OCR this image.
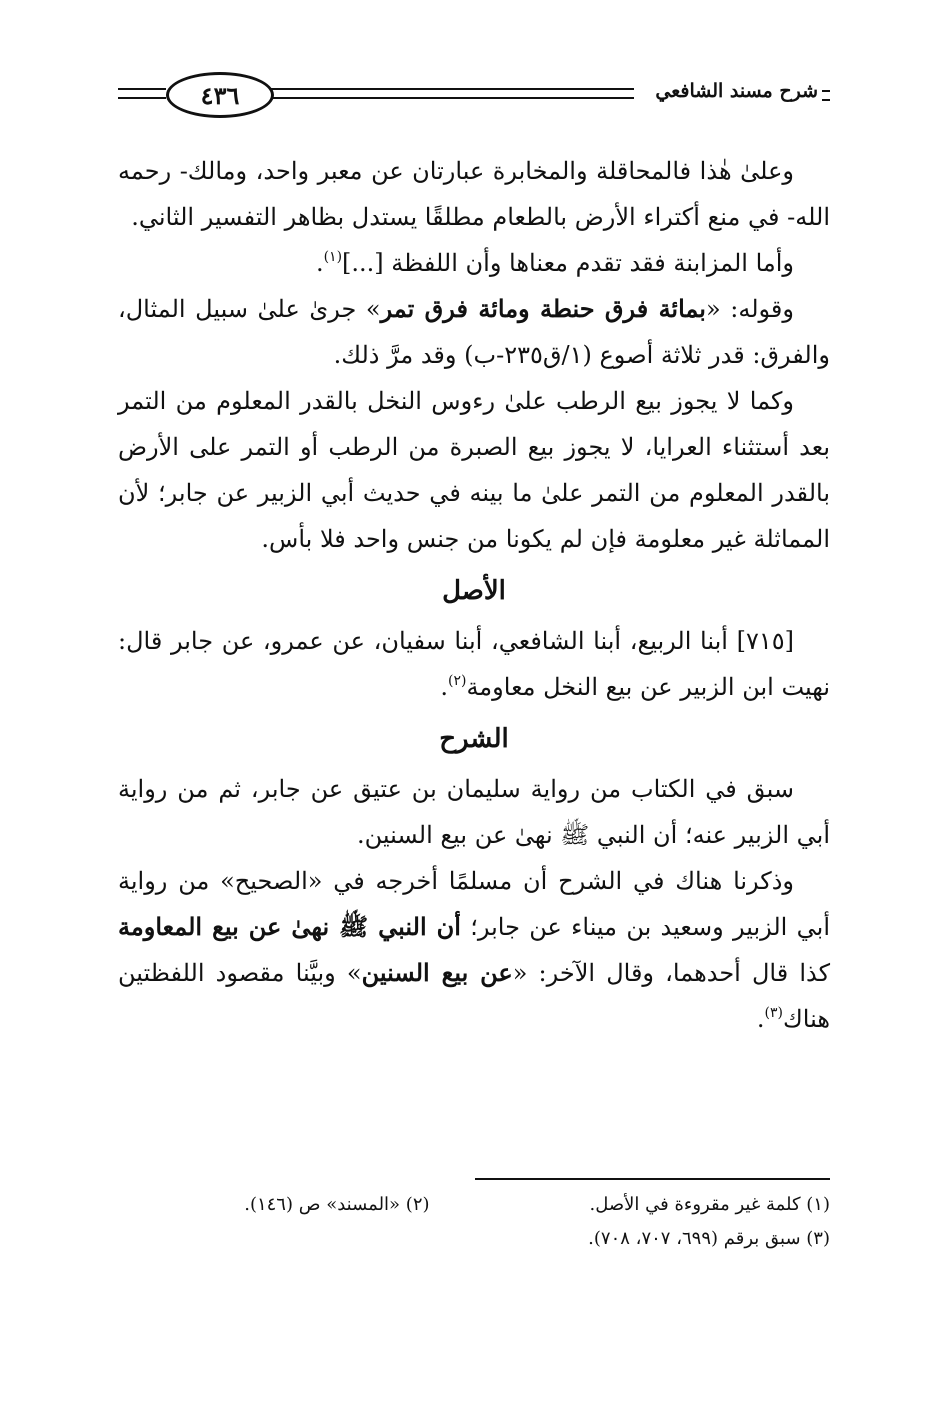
شرح مسند الشافعي
٤٣٦

وعلىٰ هٰذا فالمحاقلة والمخابرة عبارتان عن معبر واحد، ومالك- رحمه الله- في منع أكتراء الأرض بالطعام مطلقًا يستدل بظاهر التفسير الثاني.

وأما المزابنة فقد تقدم معناها وأن اللفظة [...]$^{(١)}$.

وقوله: «بمائة فرق حنطة ومائة فرق تمر» جرىٰ علىٰ سبيل المثال، والفرق: قدر ثلاثة أصوع (١/ق٢٣٥-ب) وقد مرَّ ذلك.

وكما لا يجوز بيع الرطب علىٰ رءوس النخل بالقدر المعلوم من التمر بعد أستثناء العرايا، لا يجوز بيع الصبرة من الرطب أو التمر على الأرض بالقدر المعلوم من التمر علىٰ ما بينه في حديث أبي الزبير عن جابر؛ لأن المماثلة غير معلومة فإن لم يكونا من جنس واحد فلا بأس.

الأصل

[٧١٥] أبنا الربيع، أبنا الشافعي، أبنا سفيان، عن عمرو، عن جابر قال: نهيت ابن الزبير عن بيع النخل معاومة$^{(٢)}$.

الشرح

سبق في الكتاب من رواية سليمان بن عتيق عن جابر، ثم من رواية أبي الزبير عنه؛ أن النبي ﷺ نهىٰ عن بيع السنين.

وذكرنا هناك في الشرح أن مسلمًا أخرجه في «الصحيح» من رواية أبي الزبير وسعيد بن ميناء عن جابر؛ أن النبي ﷺ نهىٰ عن بيع المعاومة كذا قال أحدهما، وقال الآخر: «عن بيع السنين» وبيَّنا مقصود اللفظتين هناك$^{(٣)}$.

(١) كلمة غير مقروءة في الأصل.
(٢) «المسند» ص (١٤٦).
(٣) سبق برقم (٦٩٩، ٧٠٧، ٧٠٨).
